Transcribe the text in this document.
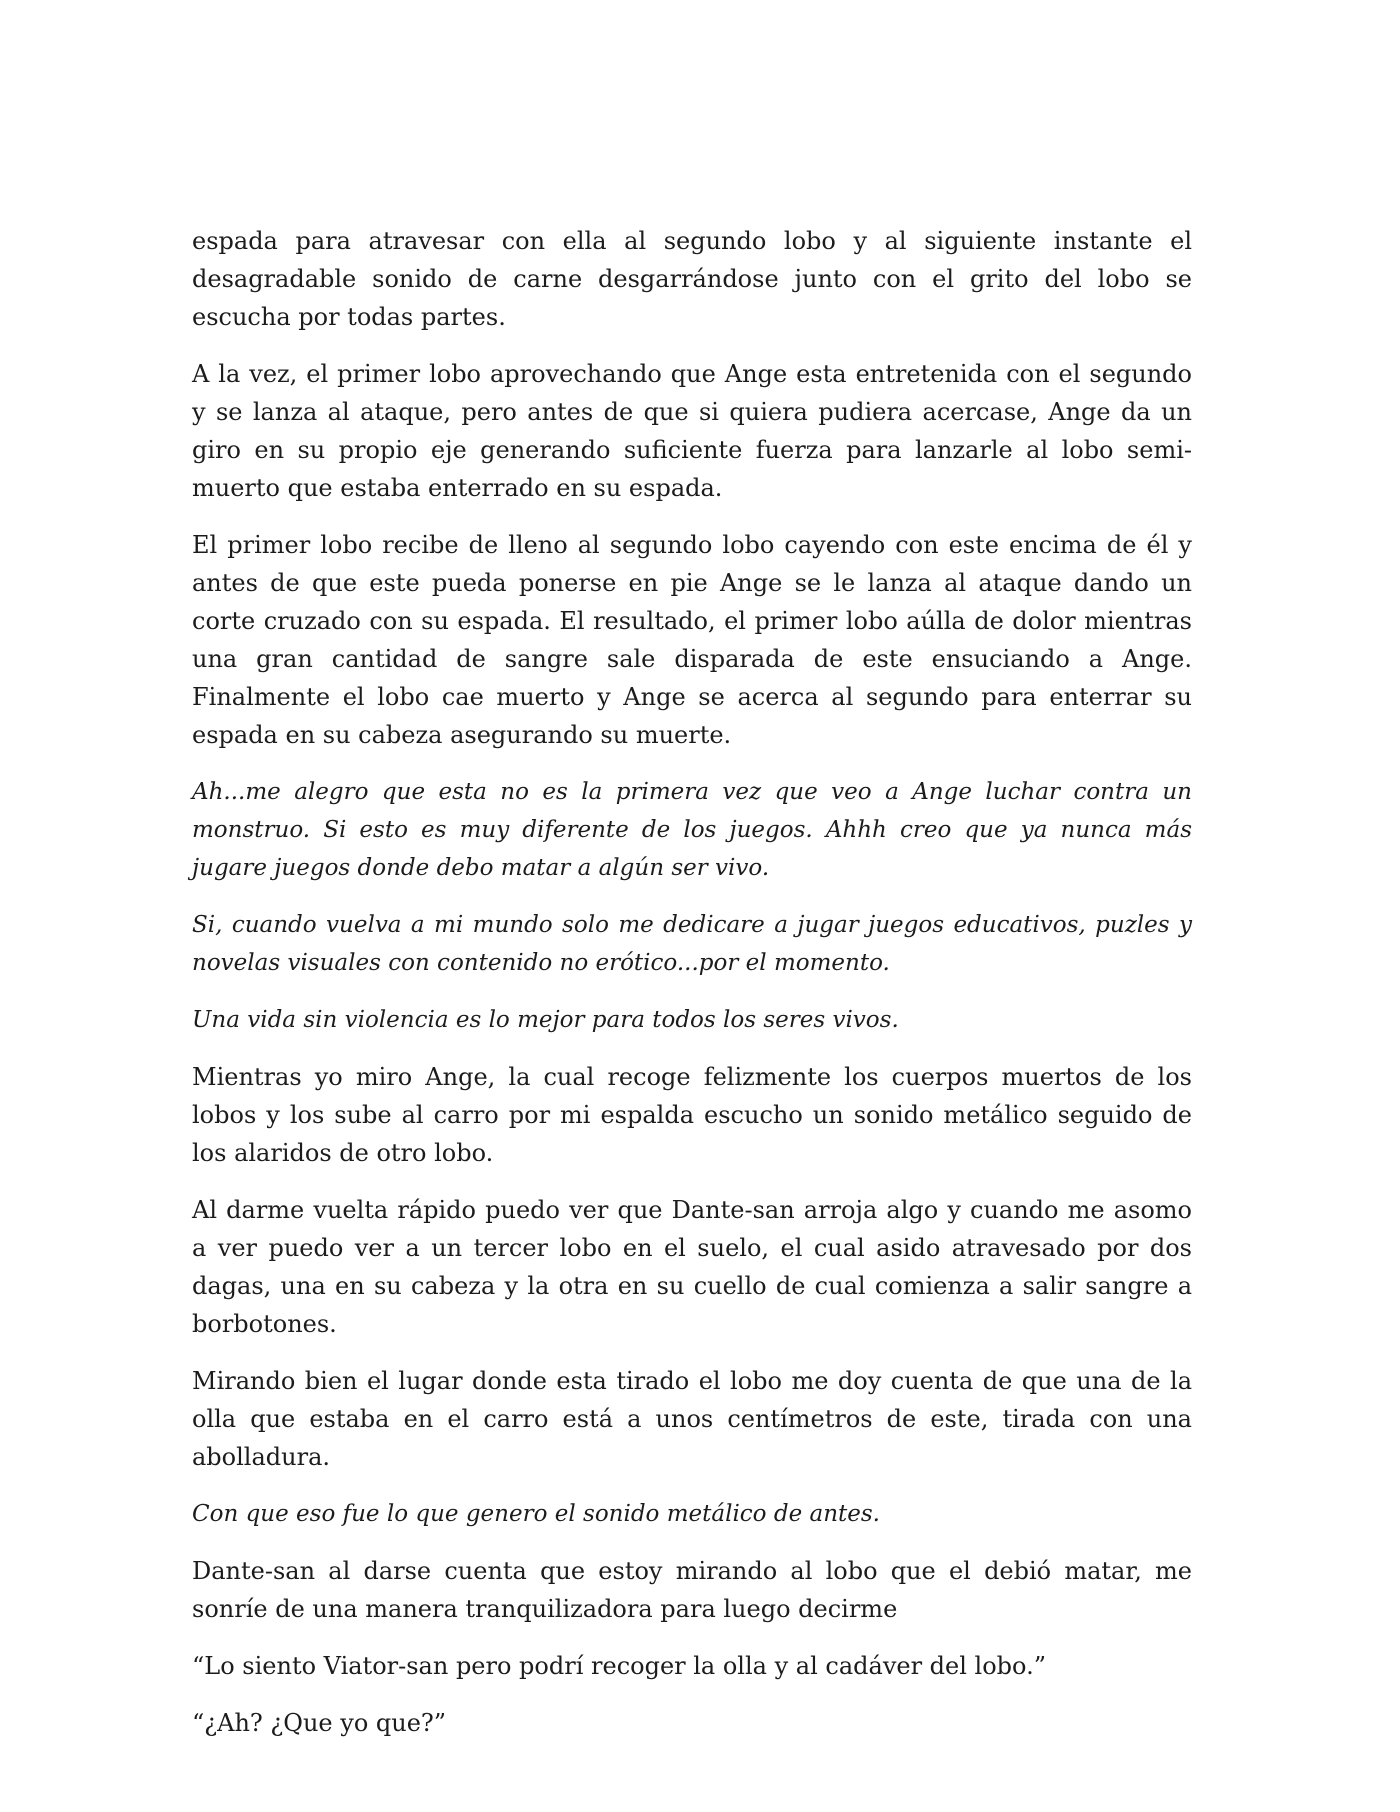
espada para atravesar con ella al segundo lobo y al siguiente instante el desagradable sonido de carne desgarrándose junto con el grito del lobo se escucha por todas partes.

A la vez, el primer lobo aprovechando que Ange esta entretenida con el segundo y se lanza al ataque, pero antes de que si quiera pudiera acercase, Ange da un giro en su propio eje generando suficiente fuerza para lanzarle al lobo semi-muerto que estaba enterrado en su espada.

El primer lobo recibe de lleno al segundo lobo cayendo con este encima de él y antes de que este pueda ponerse en pie Ange se le lanza al ataque dando un corte cruzado con su espada. El resultado, el primer lobo aúlla de dolor mientras una gran cantidad de sangre sale disparada de este ensuciando a Ange. Finalmente el lobo cae muerto y Ange se acerca al segundo para enterrar su espada en su cabeza asegurando su muerte.

Ah...me alegro que esta no es la primera vez que veo a Ange luchar contra un monstruo. Si esto es muy diferente de los juegos. Ahhh creo que ya nunca más jugare juegos donde debo matar a algún ser vivo.

Si, cuando vuelva a mi mundo solo me dedicare a jugar juegos educativos, puzles y novelas visuales con contenido no erótico...por el momento.

Una vida sin violencia es lo mejor para todos los seres vivos.

Mientras yo miro Ange, la cual recoge felizmente los cuerpos muertos de los lobos y los sube al carro por mi espalda escucho un sonido metálico seguido de los alaridos de otro lobo.

Al darme vuelta rápido puedo ver que Dante-san arroja algo y cuando me asomo a ver puedo ver a un tercer lobo en el suelo, el cual asido atravesado por dos dagas, una en su cabeza y la otra en su cuello de cual comienza a salir sangre a borbotones.

Mirando bien el lugar donde esta tirado el lobo me doy cuenta de que una de la olla que estaba en el carro está a unos centímetros de este, tirada con una abolladura.

Con que eso fue lo que genero el sonido metálico de antes.

Dante-san al darse cuenta que estoy mirando al lobo que el debió matar, me sonríe de una manera tranquilizadora para luego decirme

“Lo siento Viator-san pero podrí recoger la olla y al cadáver del lobo.”

“¿Ah? ¿Que yo que?”
